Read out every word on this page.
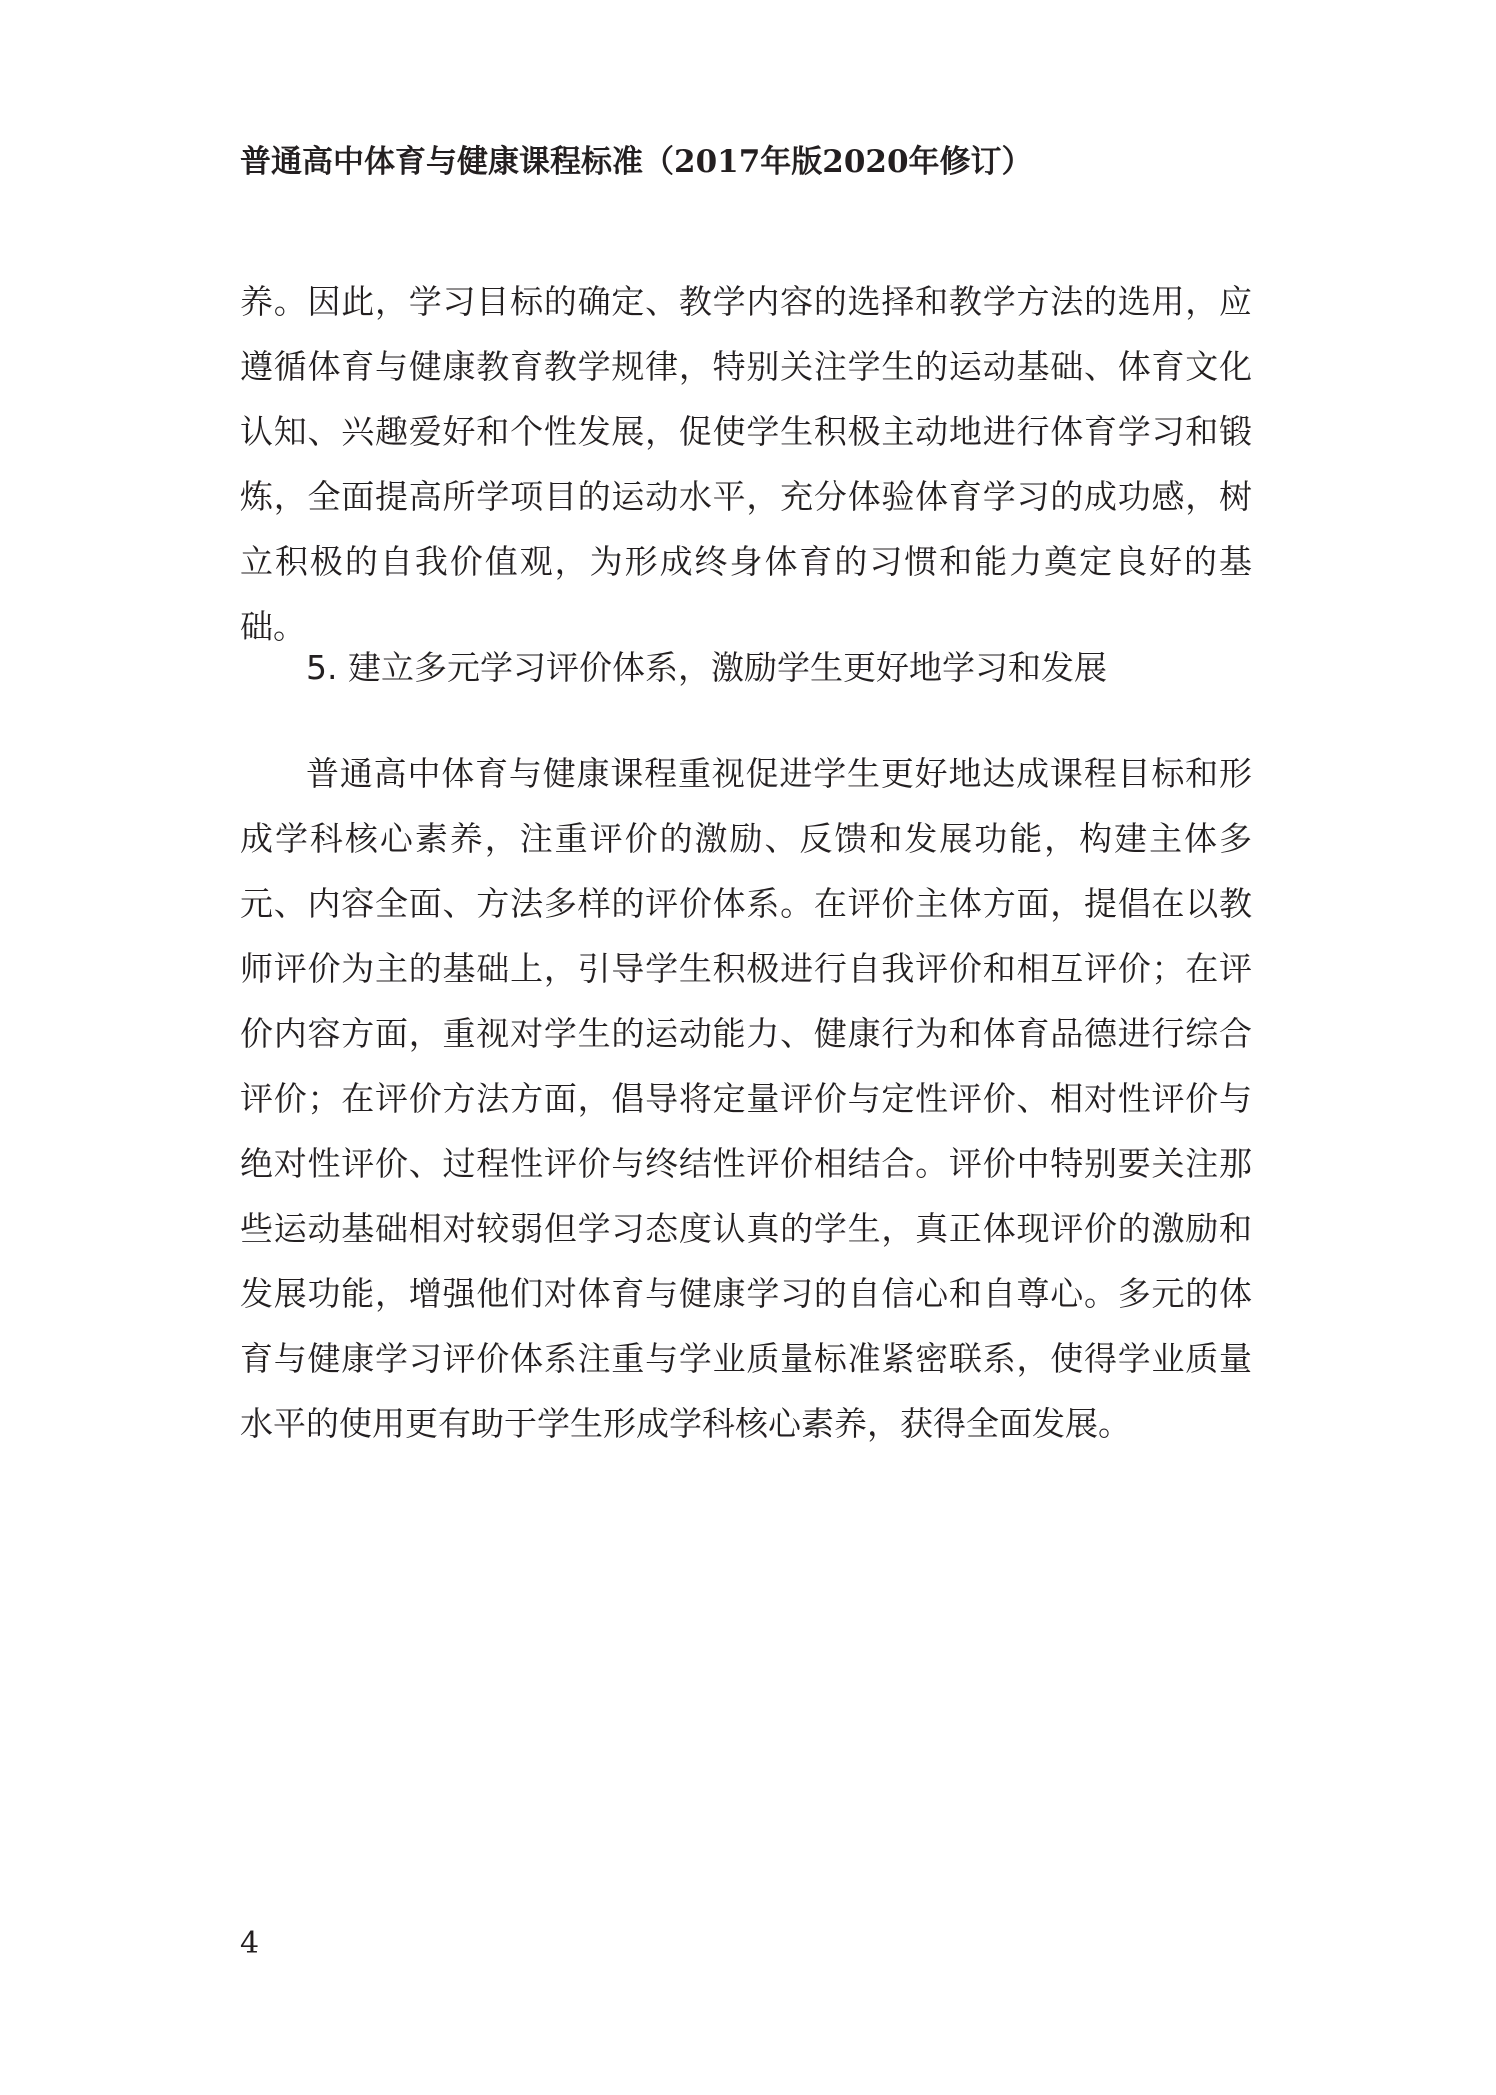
普通高中体育与健康课程标准（2017年版2020年修订）

养。因此，学习目标的确定、教学内容的选择和教学方法的选用，应遵循体育与健康教育教学规律，特别关注学生的运动基础、体育文化认知、兴趣爱好和个性发展，促使学生积极主动地进行体育学习和锻炼，全面提高所学项目的运动水平，充分体验体育学习的成功感，树立积极的自我价值观，为形成终身体育的习惯和能力奠定良好的基础。

5. 建立多元学习评价体系，激励学生更好地学习和发展

普通高中体育与健康课程重视促进学生更好地达成课程目标和形成学科核心素养，注重评价的激励、反馈和发展功能，构建主体多元、内容全面、方法多样的评价体系。在评价主体方面，提倡在以教师评价为主的基础上，引导学生积极进行自我评价和相互评价；在评价内容方面，重视对学生的运动能力、健康行为和体育品德进行综合评价；在评价方法方面，倡导将定量评价与定性评价、相对性评价与绝对性评价、过程性评价与终结性评价相结合。评价中特别要关注那些运动基础相对较弱但学习态度认真的学生，真正体现评价的激励和发展功能，增强他们对体育与健康学习的自信心和自尊心。多元的体育与健康学习评价体系注重与学业质量标准紧密联系，使得学业质量水平的使用更有助于学生形成学科核心素养，获得全面发展。

4
